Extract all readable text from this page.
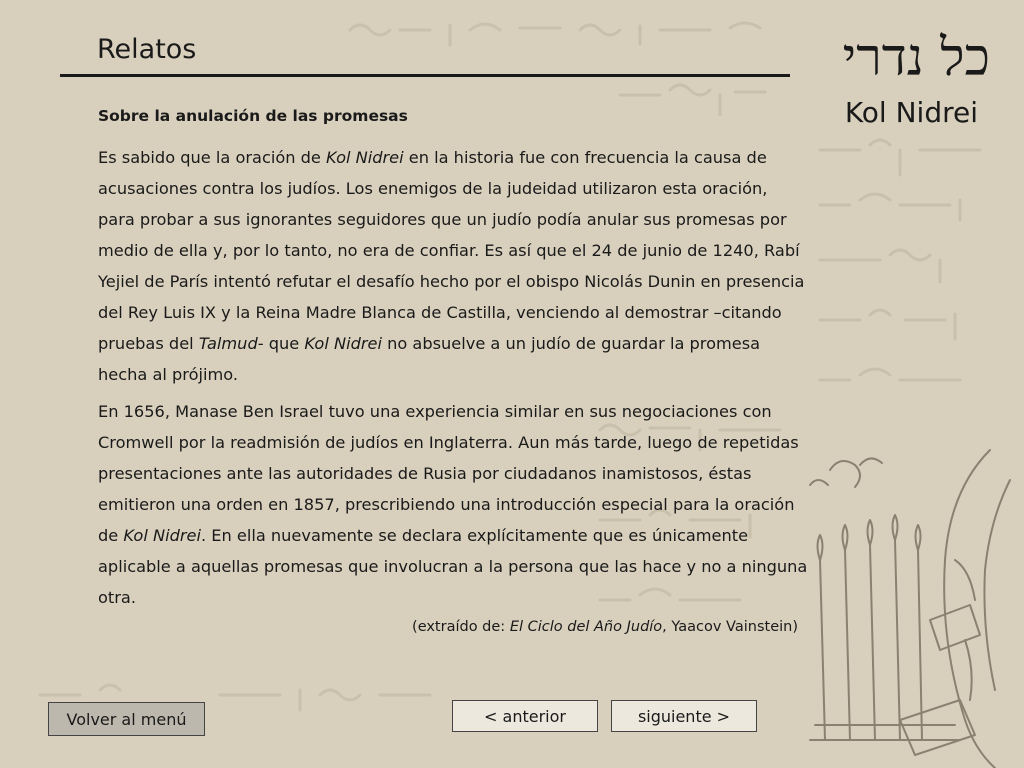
Relatos	כל נדרי
Kol Nidrei
Sobre la anulación de las promesas

Es sabido que la oración de Kol Nidrei en la historia fue con frecuencia la causa de acusaciones contra los judíos. Los enemigos de la judeidad utilizaron esta oración, para probar a sus ignorantes seguidores que un judío podía anular sus promesas por medio de ella y, por lo tanto, no era de confiar. Es así que el 24 de junio de 1240, Rabí Yejiel de París intentó refutar el desafío hecho por el obispo Nicolás Dunin en presencia del Rey Luis IX y la Reina Madre Blanca de Castilla, venciendo al demostrar –citando pruebas del Talmud- que Kol Nidrei no absuelve a un judío de guardar la promesa hecha al prójimo.

En 1656, Manase Ben Israel tuvo una experiencia similar en sus negociaciones con Cromwell por la readmisión de judíos en Inglaterra. Aun más tarde, luego de repetidas presentaciones ante las autoridades de Rusia por ciudadanos inamistosos, éstas emitieron una orden en 1857, prescribiendo una introducción especial para la oración de Kol Nidrei. En ella nuevamente se declara explícitamente que es únicamente aplicable a aquellas promesas que involucran a la persona que las hace y no a ninguna otra.

(extraído de: El Ciclo del Año Judío, Yaacov Vainstein)
Volver al menú	< anterior	siguiente >
